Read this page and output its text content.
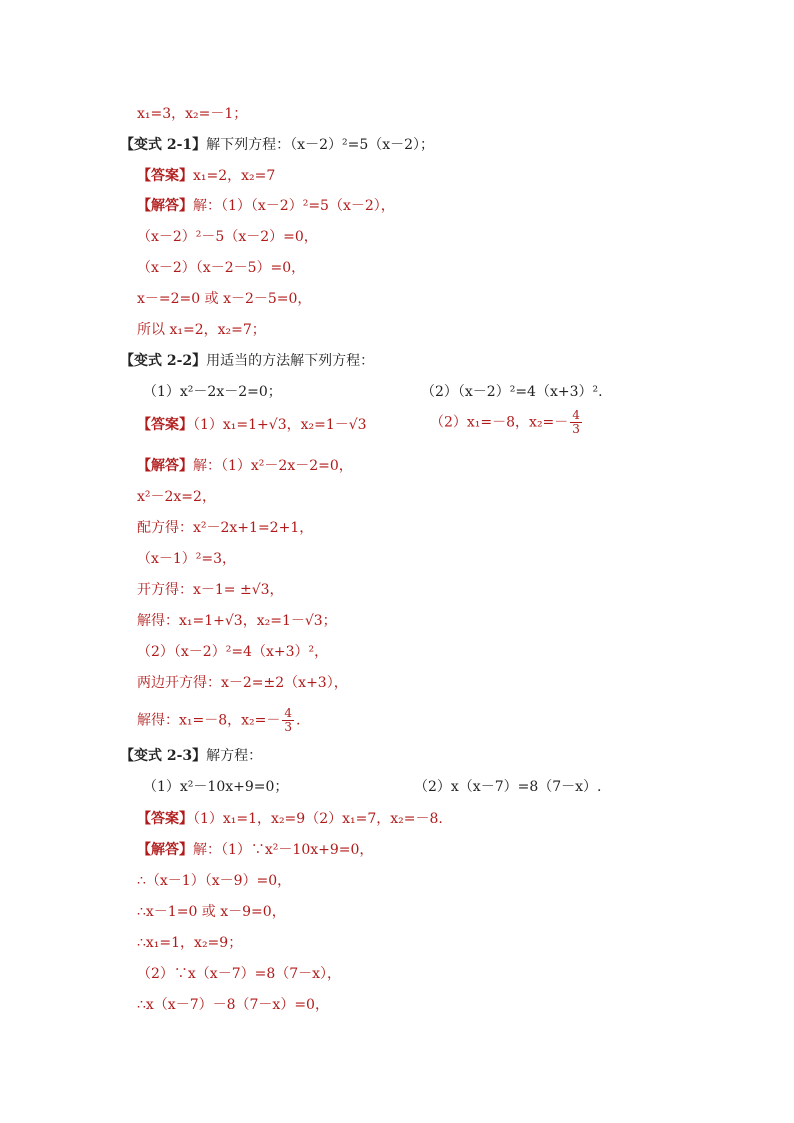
x₁=3，x₂=－1；
【变式 2-1】解下列方程：（x－2）²=5（x－2）；
【答案】x₁=2，x₂=7
【解答】解：（1）（x－2）²=5（x－2），
（x－2）²－5（x－2）=0，
（x－2）（x－2－5）=0，
x－=2=0 或 x－2－5=0，
所以 x₁=2，x₂=7；
【变式 2-2】用适当的方法解下列方程：
（1）x²－2x－2=0；	（2）（x－2）²=4（x+3）².
【答案】（1）x₁=1+√3，x₂=1－√3	（2）x₁=－8，$x_2=- \frac{4}{3}$
【解答】解：（1）x²－2x－2=0，
x²－2x=2，
配方得：x²－2x+1=2+1，
（x－1）²=3，
开方得：x－1= ±√3，
解得：x₁=1+√3，x₂=1－√3；
（2）（x－2）²=4（x+3）²，
两边开方得：x－2=±2（x+3），
解得：x₁=－8，$x_2=- \frac{4}{3}$ .
【变式 2-3】解方程：
（1）x²－10x+9=0；	（2）x（x－7）=8（7－x）.
【答案】（1）x₁=1，x₂=9（2）x₁=7，x₂=－8.
【解答】解：（1）∵x²－10x+9=0，
∴（x－1）（x－9）=0，
∴x－1=0 或 x－9=0，
∴x₁=1，x₂=9；
（2）∵x（x－7）=8（7－x），
∴x（x－7）－8（7－x）=0，
